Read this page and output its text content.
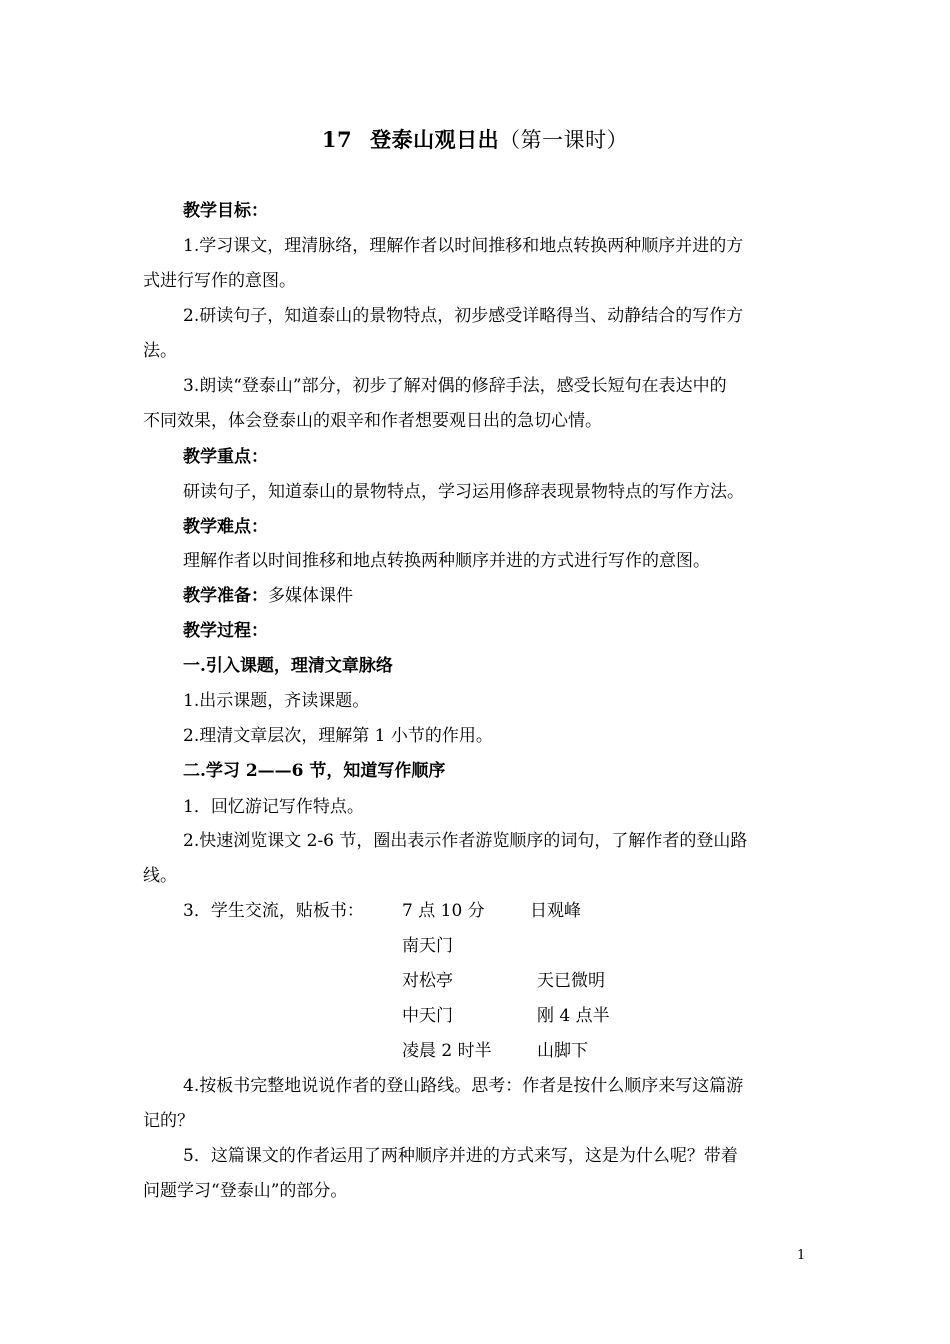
17 登泰山观日出（第一课时）
教学目标：
1.学习课文，理清脉络，理解作者以时间推移和地点转换两种顺序并进的方
式进行写作的意图。
2.研读句子，知道泰山的景物特点，初步感受详略得当、动静结合的写作方
法。
3.朗读“登泰山”部分，初步了解对偶的修辞手法，感受长短句在表达中的
不同效果，体会登泰山的艰辛和作者想要观日出的急切心情。
教学重点：
研读句子，知道泰山的景物特点，学习运用修辞表现景物特点的写作方法。
教学难点：
理解作者以时间推移和地点转换两种顺序并进的方式进行写作的意图。
教学准备：多媒体课件
教学过程：
一.引入课题，理清文章脉络
1.出示课题，齐读课题。
2.理清文章层次，理解第 1 小节的作用。
二.学习 2——6 节，知道写作顺序
1．回忆游记写作特点。
2.快速浏览课文 2-6 节，圈出表示作者游览顺序的词句，了解作者的登山路
线。
3．学生交流，贴板书： 7 点 10 分	日观峰
南天门
对松亭	天已微明
中天门	刚 4 点半
凌晨 2 时半	山脚下
4.按板书完整地说说作者的登山路线。思考：作者是按什么顺序来写这篇游
记的？
5．这篇课文的作者运用了两种顺序并进的方式来写，这是为什么呢？带着
问题学习“登泰山”的部分。
1
